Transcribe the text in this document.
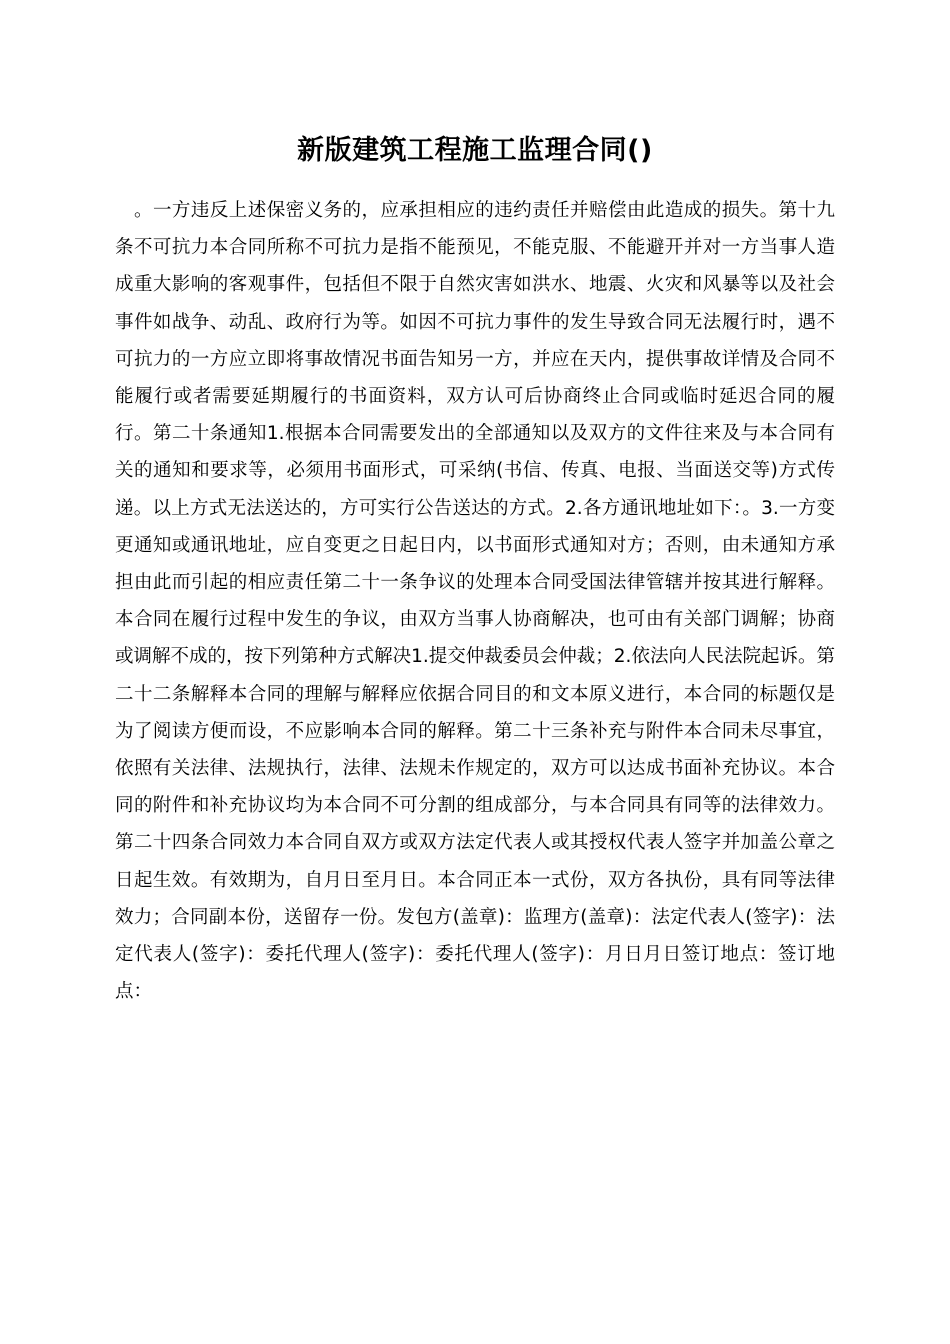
新版建筑工程施工监理合同()

。一方违反上述保密义务的，应承担相应的违约责任并赔偿由此造成的损失。第十九条不可抗力本合同所称不可抗力是指不能预见，不能克服、不能避开并对一方当事人造成重大影响的客观事件，包括但不限于自然灾害如洪水、地震、火灾和风暴等以及社会事件如战争、动乱、政府行为等。如因不可抗力事件的发生导致合同无法履行时，遇不可抗力的一方应立即将事故情况书面告知另一方，并应在天内，提供事故详情及合同不能履行或者需要延期履行的书面资料，双方认可后协商终止合同或临时延迟合同的履行。第二十条通知1.根据本合同需要发出的全部通知以及双方的文件往来及与本合同有关的通知和要求等，必须用书面形式，可采纳(书信、传真、电报、当面送交等)方式传递。以上方式无法送达的，方可实行公告送达的方式。2.各方通讯地址如下：。3.一方变更通知或通讯地址，应自变更之日起日内，以书面形式通知对方；否则，由未通知方承担由此而引起的相应责任第二十一条争议的处理本合同受国法律管辖并按其进行解释。本合同在履行过程中发生的争议，由双方当事人协商解决，也可由有关部门调解；协商或调解不成的，按下列第种方式解决1.提交仲裁委员会仲裁；2.依法向人民法院起诉。第二十二条解释本合同的理解与解释应依据合同目的和文本原义进行，本合同的标题仅是为了阅读方便而设，不应影响本合同的解释。第二十三条补充与附件本合同未尽事宜，依照有关法律、法规执行，法律、法规未作规定的，双方可以达成书面补充协议。本合同的附件和补充协议均为本合同不可分割的组成部分，与本合同具有同等的法律效力。第二十四条合同效力本合同自双方或双方法定代表人或其授权代表人签字并加盖公章之日起生效。有效期为，自月日至月日。本合同正本一式份，双方各执份，具有同等法律效力；合同副本份，送留存一份。发包方(盖章)：监理方(盖章)：法定代表人(签字)：法定代表人(签字)：委托代理人(签字)：委托代理人(签字)：月日月日签订地点：签订地点：
